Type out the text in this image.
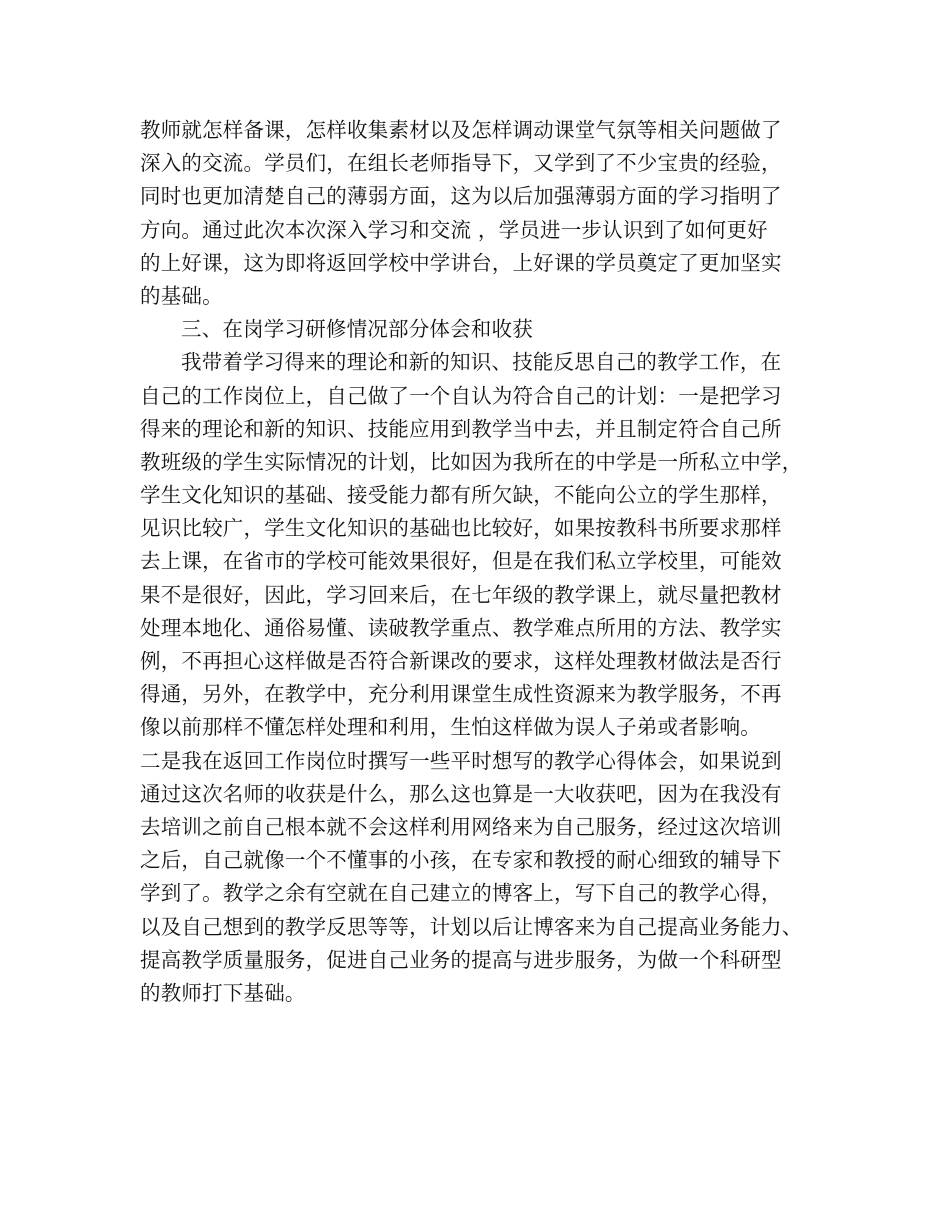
教师就怎样备课，怎样收集素材以及怎样调动课堂气氛等相关问题做了
深入的交流。学员们，在组长老师指导下，又学到了不少宝贵的经验，
同时也更加清楚自己的薄弱方面，这为以后加强薄弱方面的学习指明了
方向。通过此次本次深入学习和交流 ，学员进一步认识到了如何更好
的上好课，这为即将返回学校中学讲台，上好课的学员奠定了更加坚实
的基础。
三、在岗学习研修情况部分体会和收获
我带着学习得来的理论和新的知识、技能反思自己的教学工作，在
自己的工作岗位上，自己做了一个自认为符合自己的计划：一是把学习
得来的理论和新的知识、技能应用到教学当中去，并且制定符合自己所
教班级的学生实际情况的计划，比如因为我所在的中学是一所私立中学，
学生文化知识的基础、接受能力都有所欠缺，不能向公立的学生那样，
见识比较广，学生文化知识的基础也比较好，如果按教科书所要求那样
去上课，在省市的学校可能效果很好，但是在我们私立学校里，可能效
果不是很好，因此，学习回来后，在七年级的教学课上，就尽量把教材
处理本地化、通俗易懂、读破教学重点、教学难点所用的方法、教学实
例，不再担心这样做是否符合新课改的要求，这样处理教材做法是否行
得通，另外，在教学中，充分利用课堂生成性资源来为教学服务，不再
像以前那样不懂怎样处理和利用，生怕这样做为误人子弟或者影响。
二是我在返回工作岗位时撰写一些平时想写的教学心得体会，如果说到
通过这次名师的收获是什么，那么这也算是一大收获吧，因为在我没有
去培训之前自己根本就不会这样利用网络来为自己服务，经过这次培训
之后，自己就像一个不懂事的小孩，在专家和教授的耐心细致的辅导下
学到了。教学之余有空就在自己建立的博客上，写下自己的教学心得，
以及自己想到的教学反思等等，计划以后让博客来为自己提高业务能力、
提高教学质量服务，促进自己业务的提高与进步服务，为做一个科研型
的教师打下基础。
